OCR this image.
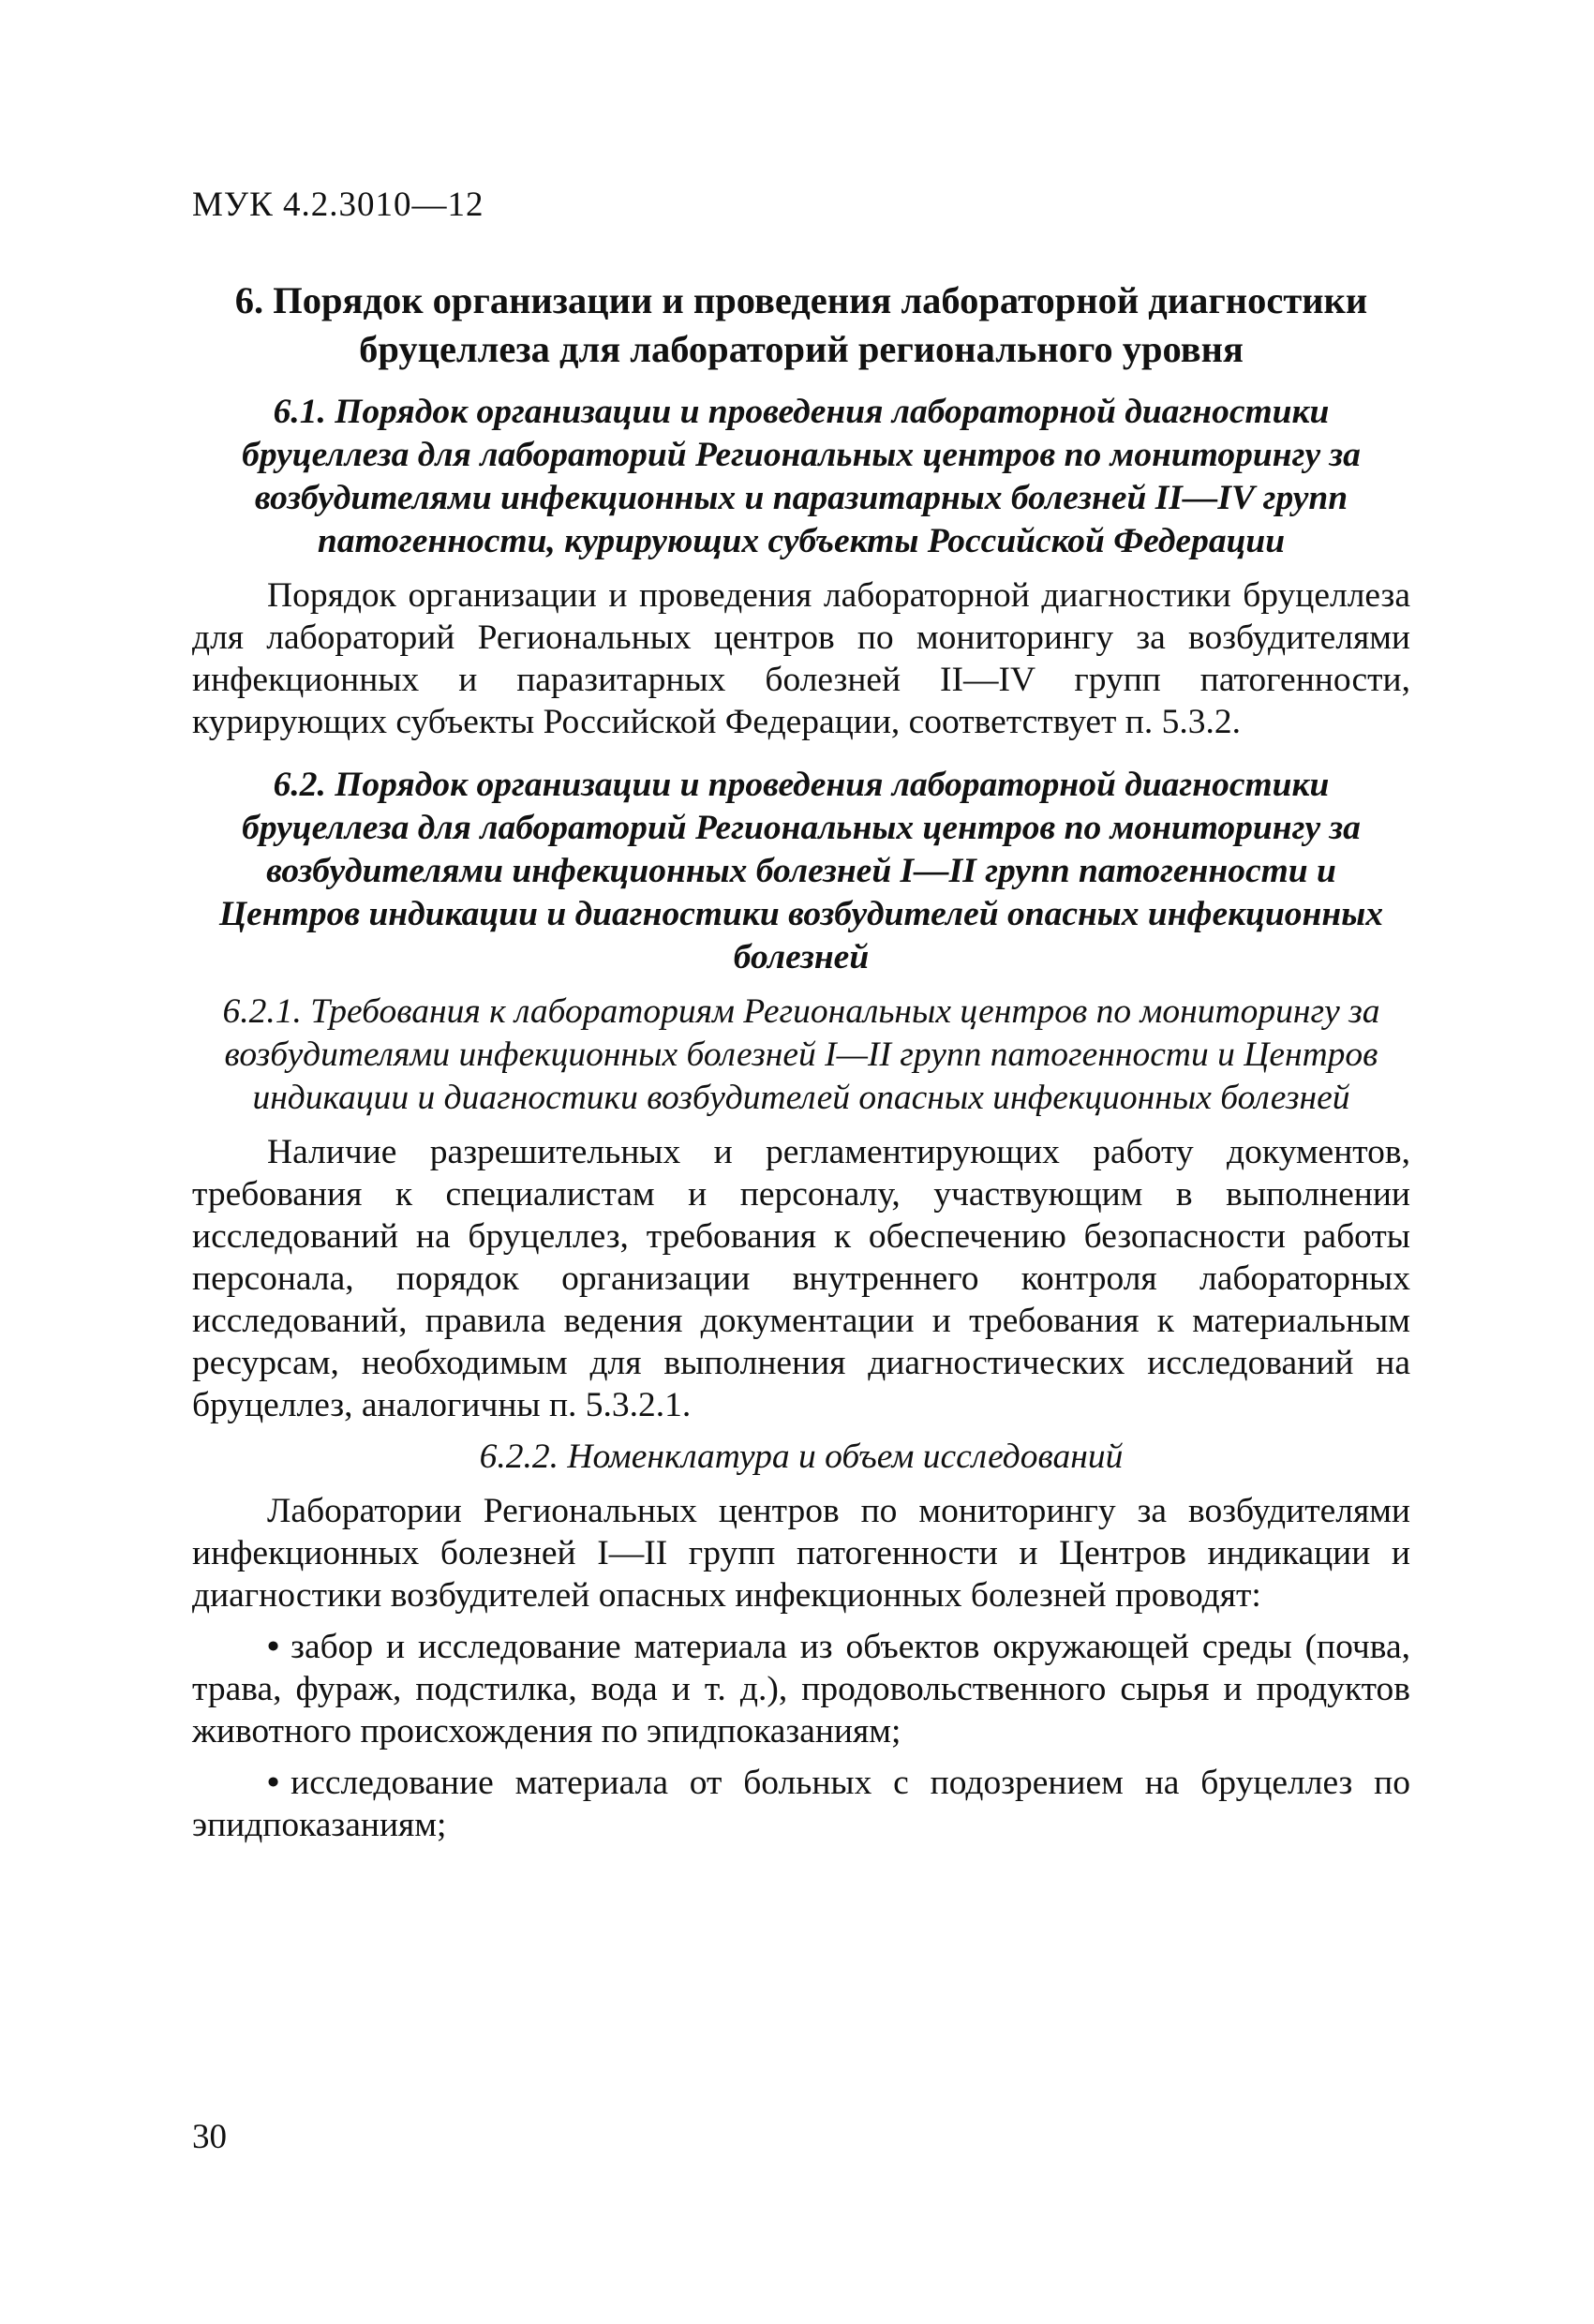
МУК 4.2.3010—12
6. Порядок организации и проведения лабораторной диагностики бруцеллеза для лабораторий регионального уровня
6.1. Порядок организации и проведения лабораторной диагностики бруцеллеза для лабораторий Региональных центров по мониторингу за возбудителями инфекционных и паразитарных болезней II—IV групп патогенности, курирующих субъекты Российской Федерации

Порядок организации и проведения лабораторной диагностики бруцеллеза для лабораторий Региональных центров по мониторингу за возбудителями инфекционных и паразитарных болезней II—IV групп патогенности, курирующих субъекты Российской Федерации, соответствует п. 5.3.2.

6.2. Порядок организации и проведения лабораторной диагностики бруцеллеза для лабораторий Региональных центров по мониторингу за возбудителями инфекционных болезней I—II групп патогенности и Центров индикации и диагностики возбудителей опасных инфекционных болезней
6.2.1. Требования к лабораториям Региональных центров по мониторингу за возбудителями инфекционных болезней I—II групп патогенности и Центров индикации и диагностики возбудителей опасных инфекционных болезней

Наличие разрешительных и регламентирующих работу документов, требования к специалистам и персоналу, участвующим в выполнении исследований на бруцеллез, требования к обеспечению безопасности работы персонала, порядок организации внутреннего контроля лабораторных исследований, правила ведения документации и требования к материальным ресурсам, необходимым для выполнения диагностических исследований на бруцеллез, аналогичны п. 5.3.2.1.

6.2.2. Номенклатура и объем исследований

Лаборатории Региональных центров по мониторингу за возбудителями инфекционных болезней I—II групп патогенности и Центров индикации и диагностики возбудителей опасных инфекционных болезней проводят:

• забор и исследование материала из объектов окружающей среды (почва, трава, фураж, подстилка, вода и т. д.), продовольственного сырья и продуктов животного происхождения по эпидпоказаниям;
• исследование материала от больных с подозрением на бруцеллез по эпидпоказаниям;
30
